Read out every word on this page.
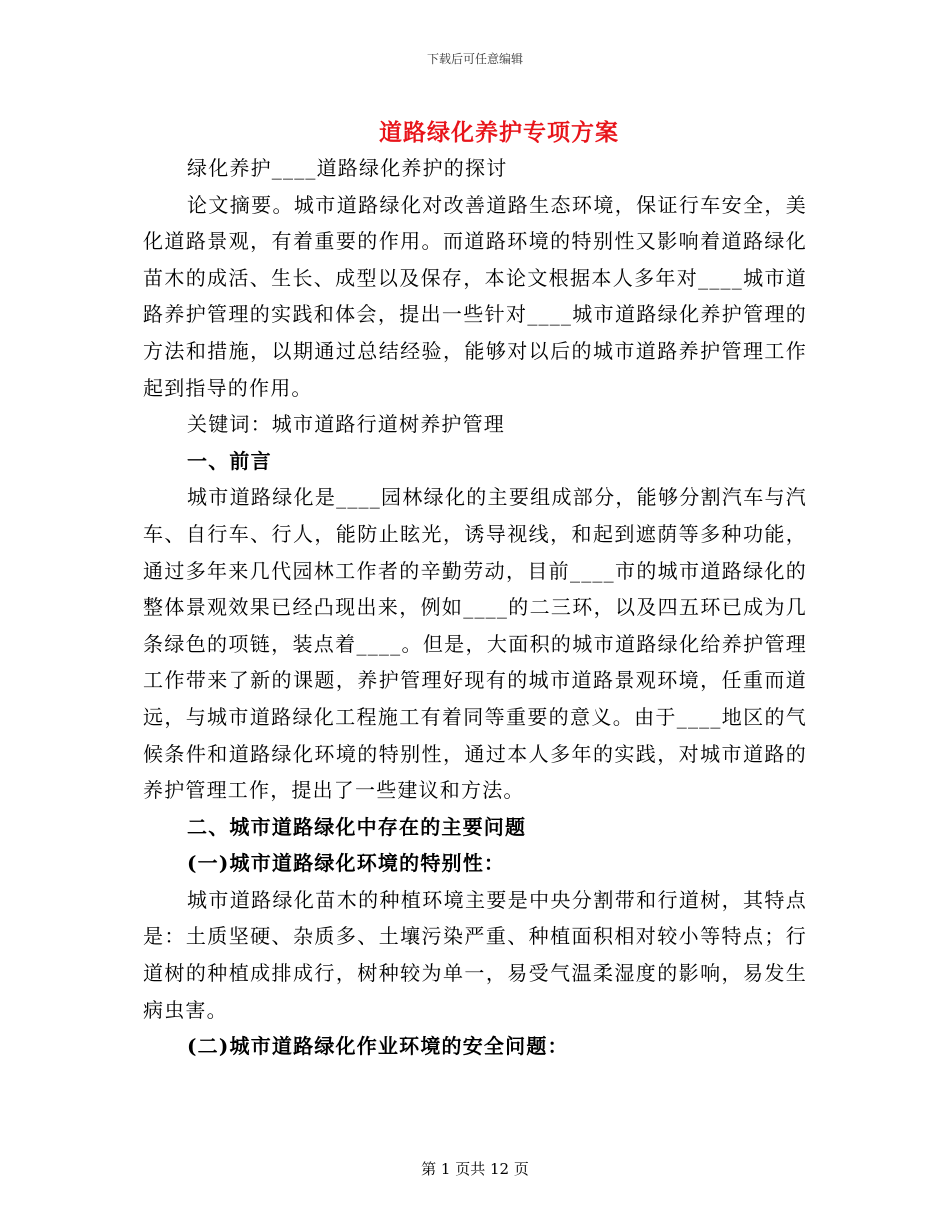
下载后可任意编辑
道路绿化养护专项方案

绿化养护____道路绿化养护的探讨

论文摘要。城市道路绿化对改善道路生态环境，保证行车安全，美化道路景观，有着重要的作用。而道路环境的特别性又影响着道路绿化苗木的成活、生长、成型以及保存，本论文根据本人多年对____城市道路养护管理的实践和体会，提出一些针对____城市道路绿化养护管理的方法和措施，以期通过总结经验，能够对以后的城市道路养护管理工作起到指导的作用。

关键词：城市道路行道树养护管理

一、前言

城市道路绿化是____园林绿化的主要组成部分，能够分割汽车与汽车、自行车、行人，能防止眩光，诱导视线，和起到遮荫等多种功能，通过多年来几代园林工作者的辛勤劳动，目前____市的城市道路绿化的整体景观效果已经凸现出来，例如____的二三环，以及四五环已成为几条绿色的项链，装点着____。但是，大面积的城市道路绿化给养护管理工作带来了新的课题，养护管理好现有的城市道路景观环境，任重而道远，与城市道路绿化工程施工有着同等重要的意义。由于____地区的气候条件和道路绿化环境的特别性，通过本人多年的实践，对城市道路的养护管理工作，提出了一些建议和方法。

二、城市道路绿化中存在的主要问题

(一)城市道路绿化环境的特别性：

城市道路绿化苗木的种植环境主要是中央分割带和行道树，其特点是：土质坚硬、杂质多、土壤污染严重、种植面积相对较小等特点；行道树的种植成排成行，树种较为单一，易受气温柔湿度的影响，易发生病虫害。

(二)城市道路绿化作业环境的安全问题：

第 1 页共 12 页
